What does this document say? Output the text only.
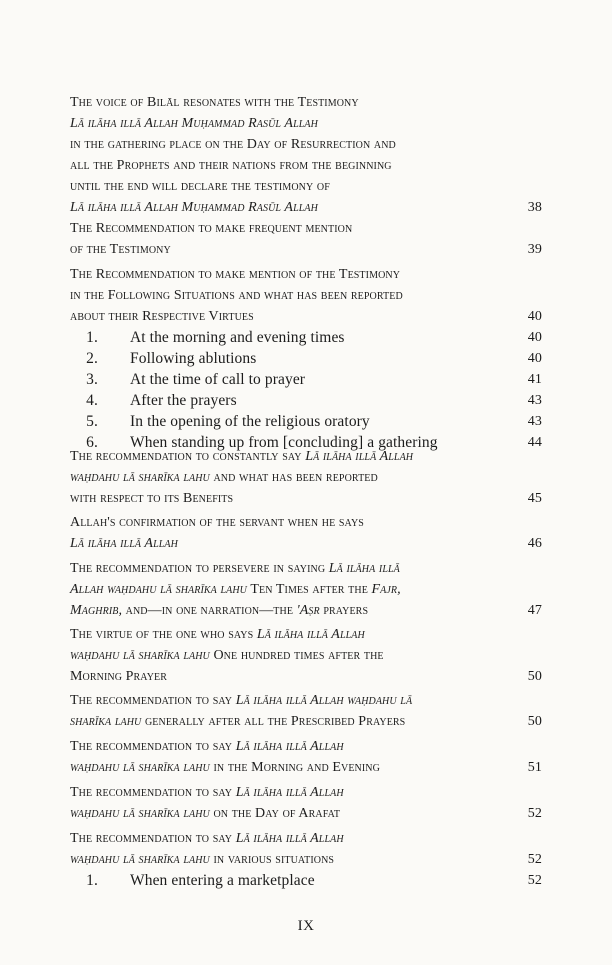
The voice of Bilāl resonates with the Testimony
Lā ilāha illā Allah Muḥammad Rasūl Allah
in the gathering place on the Day of Resurrection and
all the Prophets and their nations from the beginning
until the end will declare the testimony of
Lā ilāha illā Allah Muḥammad Rasūl Allah	38
The Recommendation to make frequent mention
of the Testimony	39
The Recommendation to make mention of the Testimony
in the Following Situations and what has been reported
about their Respective Virtues	40
1. At the morning and evening times	40
2. Following ablutions	40
3. At the time of call to prayer	41
4. After the prayers	43
5. In the opening of the religious oratory	43
6. When standing up from [concluding] a gathering	44
The recommendation to constantly say Lā ilāha illā Allah
waḥdahu lā sharīka lahu and what has been reported
with respect to its Benefits	45
Allah's confirmation of the servant when he says
Lā ilāha illā Allah	46
The recommendation to persevere in saying Lā ilāha illā
Allah waḥdahu lā sharīka lahu Ten Times after the Fajr,
Maghrib, and—in one narration—the 'Aṣr prayers	47
The virtue of the one who says Lā ilāha illā Allah
waḥdahu lā sharīka lahu One hundred times after the
Morning Prayer	50
The recommendation to say Lā ilāha illā Allah waḥdahu lā
sharīka lahu generally after all the Prescribed Prayers	50
The recommendation to say Lā ilāha illā Allah
waḥdahu lā sharīka lahu in the Morning and Evening	51
The recommendation to say Lā ilāha illā Allah
waḥdahu lā sharīka lahu on the Day of Arafat	52
The recommendation to say Lā ilāha illā Allah
waḥdahu lā sharīka lahu in various situations	52
1. When entering a marketplace	52
IX
